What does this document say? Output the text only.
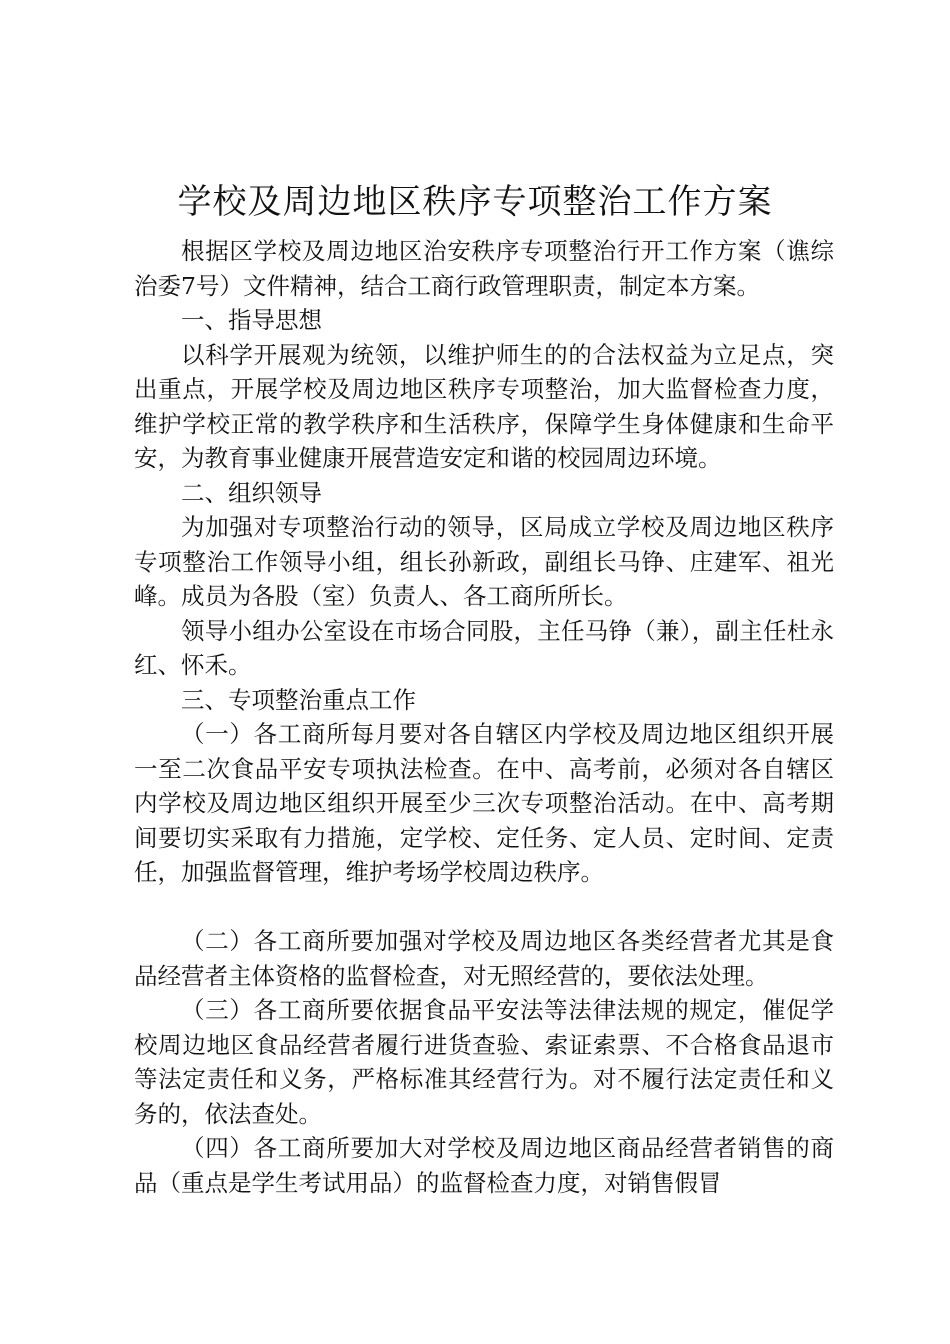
学校及周边地区秩序专项整治工作方案

根据区学校及周边地区治安秩序专项整治行开工作方案（谯综治委7号）文件精神，结合工商行政管理职责，制定本方案。

一、指导思想

以科学开展观为统领，以维护师生的的合法权益为立足点，突出重点，开展学校及周边地区秩序专项整治，加大监督检查力度，维护学校正常的教学秩序和生活秩序，保障学生身体健康和生命平安，为教育事业健康开展营造安定和谐的校园周边环境。

二、组织领导

为加强对专项整治行动的领导，区局成立学校及周边地区秩序专项整治工作领导小组，组长孙新政，副组长马铮、庄建军、祖光峰。成员为各股（室）负责人、各工商所所长。

领导小组办公室设在市场合同股，主任马铮（兼），副主任杜永红、怀禾。

三、专项整治重点工作

（一）各工商所每月要对各自辖区内学校及周边地区组织开展一至二次食品平安专项执法检查。在中、高考前，必须对各自辖区内学校及周边地区组织开展至少三次专项整治活动。在中、高考期间要切实采取有力措施，定学校、定任务、定人员、定时间、定责任，加强监督管理，维护考场学校周边秩序。

（二）各工商所要加强对学校及周边地区各类经营者尤其是食品经营者主体资格的监督检查，对无照经营的，要依法处理。

（三）各工商所要依据食品平安法等法律法规的规定，催促学校周边地区食品经营者履行进货查验、索证索票、不合格食品退市等法定责任和义务，严格标准其经营行为。对不履行法定责任和义务的，依法查处。

（四）各工商所要加大对学校及周边地区商品经营者销售的商品（重点是学生考试用品）的监督检查力度，对销售假冒
